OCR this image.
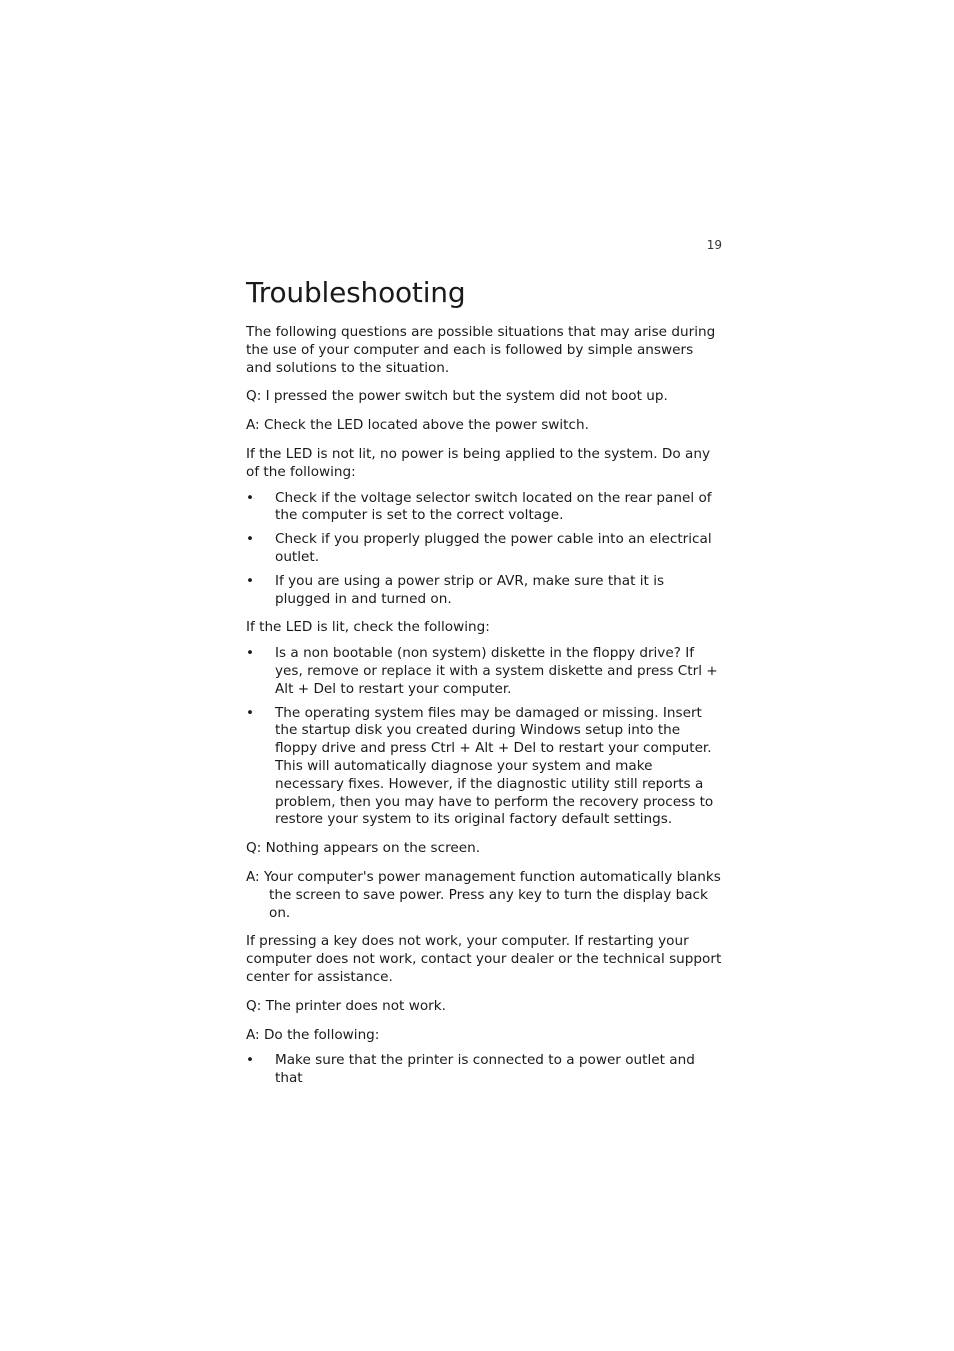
19
Troubleshooting

The following questions are possible situations that may arise during the use of your computer and each is followed by simple answers and solutions to the situation.

Q: I pressed the power switch but the system did not boot up.

A: Check the LED located above the power switch.

If the LED is not lit, no power is being applied to the system. Do any of the following:

• Check if the voltage selector switch located on the rear panel of the computer is set to the correct voltage.
• Check if you properly plugged the power cable into an electrical outlet.
• If you are using a power strip or AVR, make sure that it is plugged in and turned on.

If the LED is lit, check the following:

• Is a non bootable (non system) diskette in the floppy drive? If yes, remove or replace it with a system diskette and press Ctrl + Alt + Del to restart your computer.
• The operating system files may be damaged or missing. Insert the startup disk you created during Windows setup into the floppy drive and press Ctrl + Alt + Del to restart your computer. This will automatically diagnose your system and make necessary fixes. However, if the diagnostic utility still reports a problem, then you may have to perform the recovery process to restore your system to its original factory default settings.

Q: Nothing appears on the screen.

A: Your computer's power management function automatically blanks the screen to save power. Press any key to turn the display back on.

If pressing a key does not work, your computer. If restarting your computer does not work, contact your dealer or the technical support center for assistance.

Q: The printer does not work.

A: Do the following:

• Make sure that the printer is connected to a power outlet and that
